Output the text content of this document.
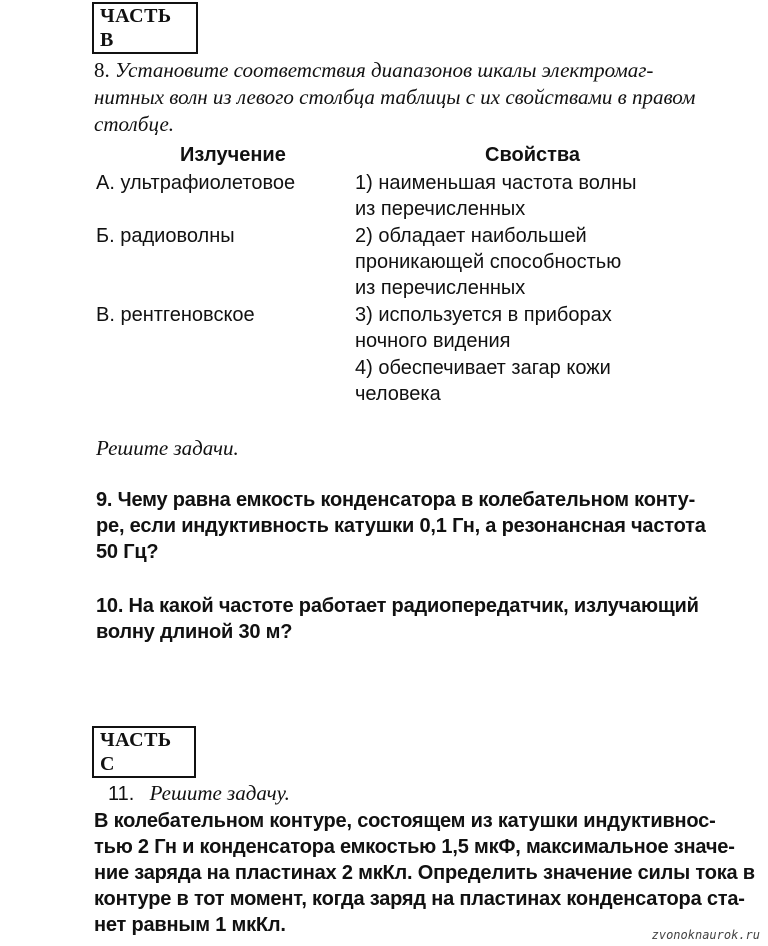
ЧАСТЬ В
8. Установите соответствия диапазонов шкалы электромаг-
нитных волн из левого столбца таблицы с их свойствами в правом
столбце.
Излучение	Свойства
А. ультрафиолетовое
Б. радиоволны
В. рентгеновское
1) наименьшая частота волны
из перечисленных
2) обладает наибольшей
проникающей способностью
из перечисленных
3) используется в приборах
ночного видения
4) обеспечивает загар кожи
человека
Решите задачи.
9. Чему равна емкость конденсатора в колебательном конту-
ре, если индуктивность катушки 0,1 Гн, а резонансная частота
50 Гц?
10. На какой частоте работает радиопередатчик, излучающий
волну длиной 30 м?
ЧАСТЬ С
11. Решите задачу.
В колебательном контуре, состоящем из катушки индуктивнос-
тью 2 Гн и конденсатора емкостью 1,5 мкФ, максимальное значе-
ние заряда на пластинах 2 мкКл. Определить значение силы тока в
контуре в тот момент, когда заряд на пластинах конденсатора ста-
нет равным 1 мкКл.	zvonoknaurok.ru
